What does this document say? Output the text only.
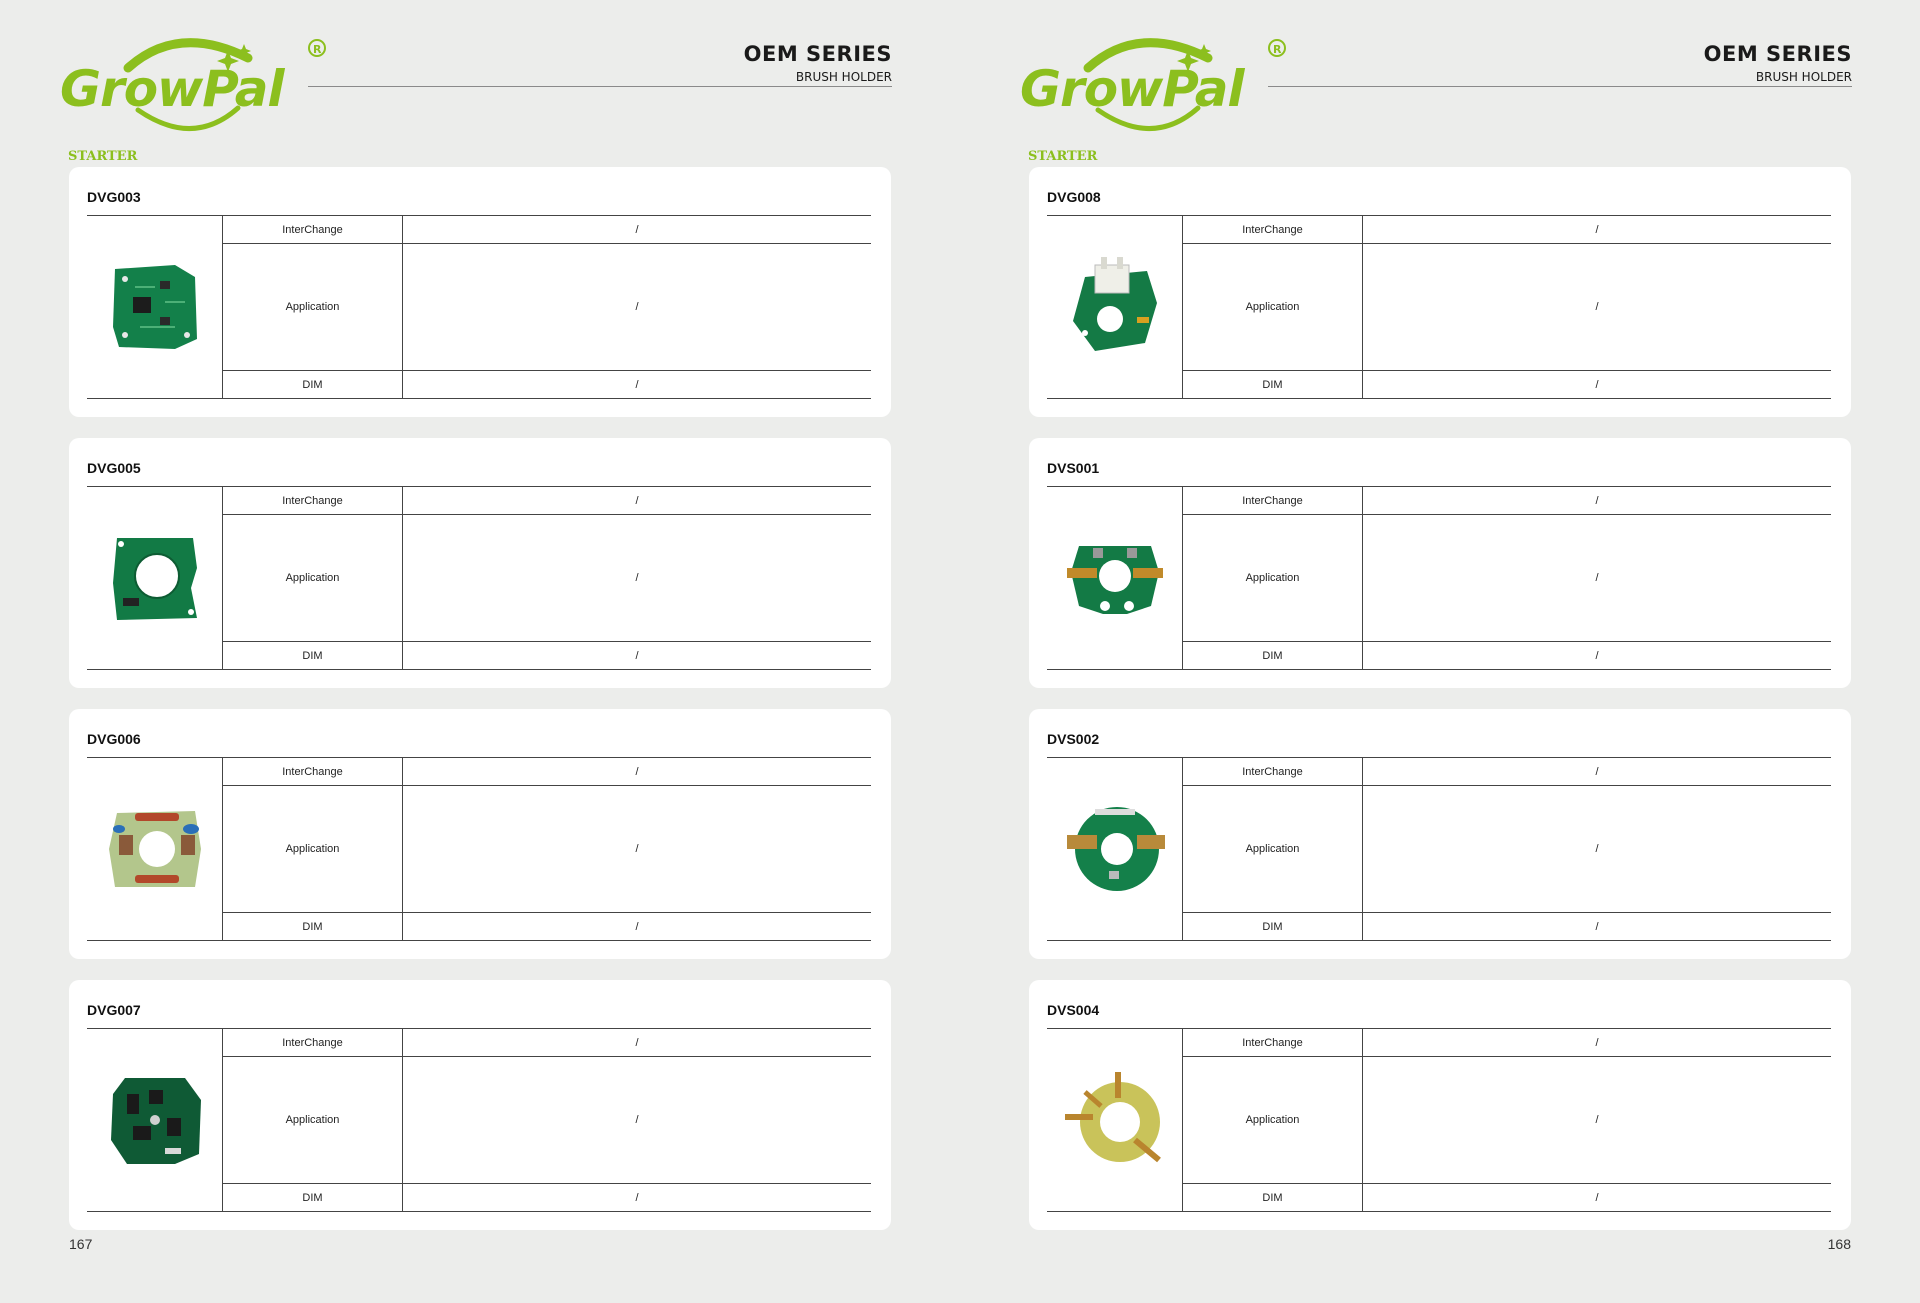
OEM SERIES
BRUSH HOLDER
STARTER
DVG003
InterChange	/
Application	/
DIM	/
DVG005
InterChange	/
Application	/
DIM	/
DVG006
InterChange	/
Application	/
DIM	/
DVG007
InterChange	/
Application	/
DIM	/
167
OEM SERIES
BRUSH HOLDER
STARTER
DVG008
InterChange	/
Application	/
DIM	/
DVS001
InterChange	/
Application	/
DIM	/
DVS002
InterChange	/
Application	/
DIM	/
DVS004
InterChange	/
Application	/
DIM	/
168
